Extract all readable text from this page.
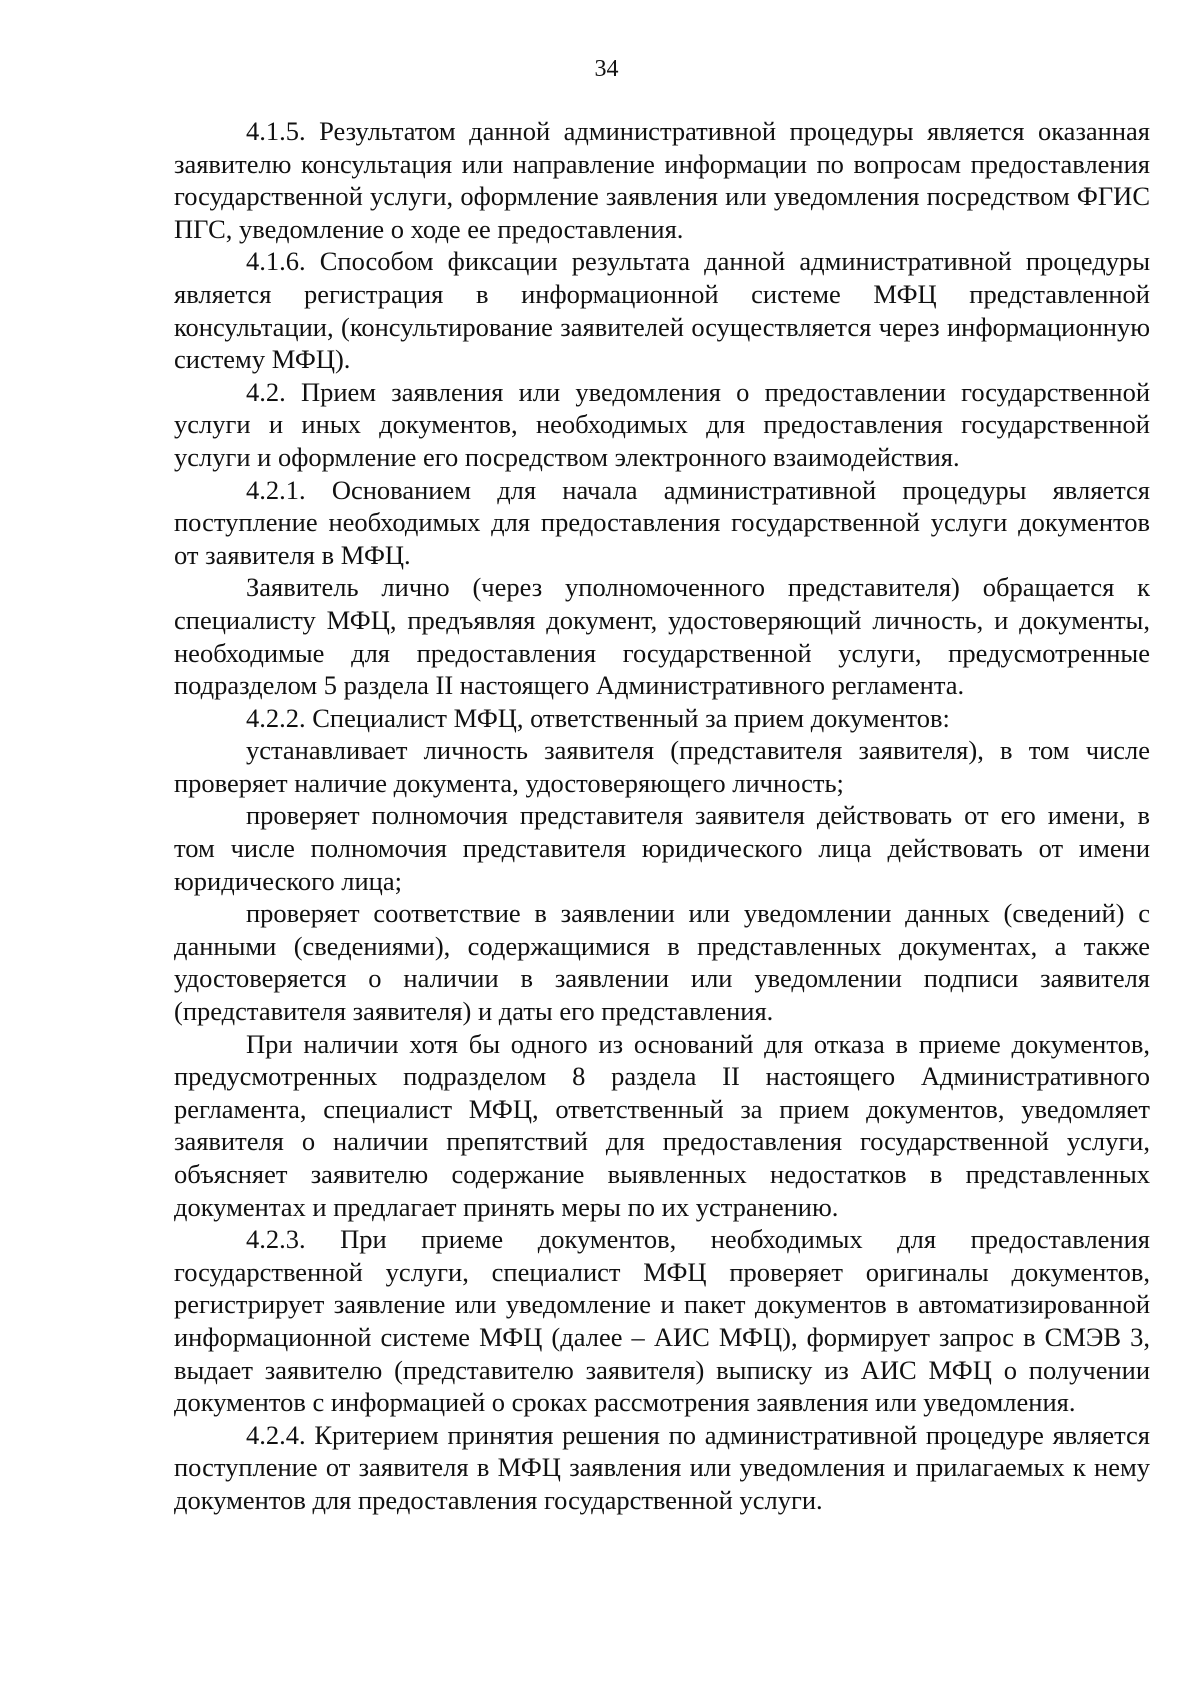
34

4.1.5. Результатом данной административной процедуры является оказанная заявителю консультация или направление информации по вопросам предоставления государственной услуги, оформление заявления или уведомления посредством ФГИС ПГС, уведомление о ходе ее предоставления.

4.1.6. Способом фиксации результата данной административной процедуры является регистрация в информационной системе МФЦ представленной консультации, (консультирование заявителей осуществляется через информационную систему МФЦ).

4.2. Прием заявления или уведомления о предоставлении государственной услуги и иных документов, необходимых для предоставления государственной услуги и оформление его посредством электронного взаимодействия.

4.2.1. Основанием для начала административной процедуры является поступление необходимых для предоставления государственной услуги документов от заявителя в МФЦ.

Заявитель лично (через уполномоченного представителя) обращается к специалисту МФЦ, предъявляя документ, удостоверяющий личность, и документы, необходимые для предоставления государственной услуги, предусмотренные подразделом 5 раздела II настоящего Административного регламента.

4.2.2. Специалист МФЦ, ответственный за прием документов:

устанавливает личность заявителя (представителя заявителя), в том числе проверяет наличие документа, удостоверяющего личность;

проверяет полномочия представителя заявителя действовать от его имени, в том числе полномочия представителя юридического лица действовать от имени юридического лица;

проверяет соответствие в заявлении или уведомлении данных (сведений) с данными (сведениями), содержащимися в представленных документах, а также удостоверяется о наличии в заявлении или уведомлении подписи заявителя (представителя заявителя) и даты его представления.

При наличии хотя бы одного из оснований для отказа в приеме документов, предусмотренных подразделом 8 раздела II настоящего Административного регламента, специалист МФЦ, ответственный за прием документов, уведомляет заявителя о наличии препятствий для предоставления государственной услуги, объясняет заявителю содержание выявленных недостатков в представленных документах и предлагает принять меры по их устранению.

4.2.3. При приеме документов, необходимых для предоставления государственной услуги, специалист МФЦ проверяет оригиналы документов, регистрирует заявление или уведомление и пакет документов в автоматизированной информационной системе МФЦ (далее – АИС МФЦ), формирует запрос в СМЭВ 3, выдает заявителю (представителю заявителя) выписку из АИС МФЦ о получении документов с информацией о сроках рассмотрения заявления или уведомления.

4.2.4. Критерием принятия решения по административной процедуре является поступление от заявителя в МФЦ заявления или уведомления и прилагаемых к нему документов для предоставления государственной услуги.
